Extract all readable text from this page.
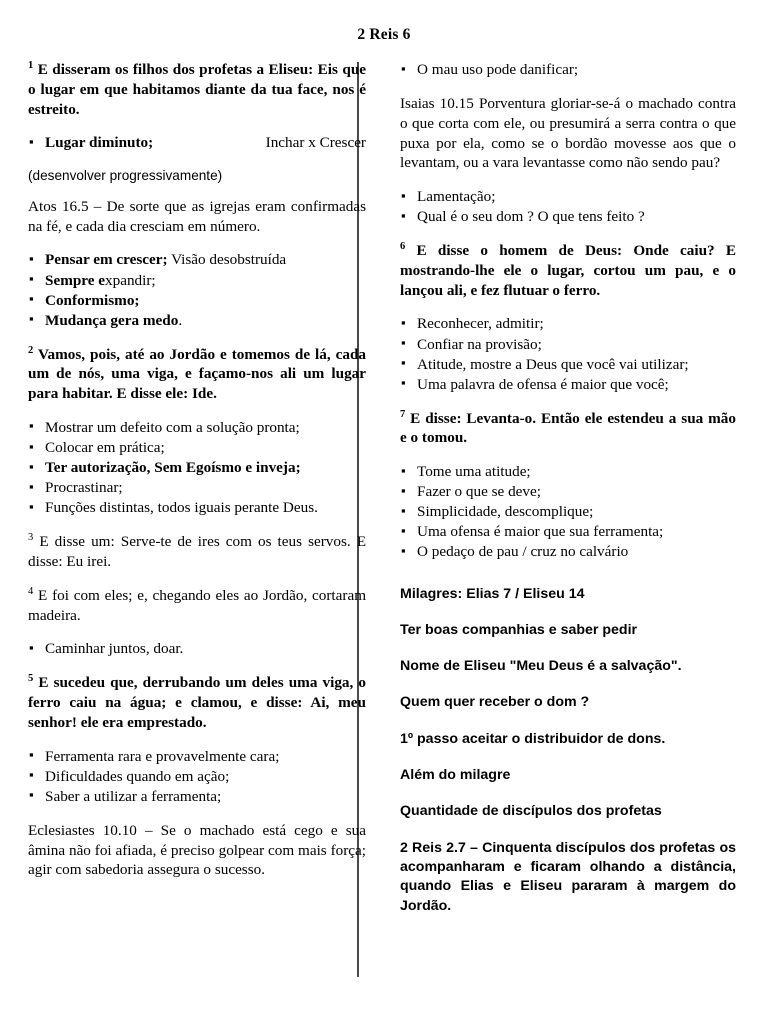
2 Reis 6

$^1$ E disseram os filhos dos profetas a Eliseu: Eis que o lugar em que habitamos diante da tua face, nos é estreito.

▪ Lugar diminuto;	Inchar x Crescer

(desenvolver progressivamente)

Atos 16.5 – De sorte que as igrejas eram confirmadas na fé, e cada dia cresciam em número.

▪ Pensar em crescer; Visão desobstruída
▪ Sempre expandir;
▪ Conformismo;
▪ Mudança gera medo.

$^2$ Vamos, pois, até ao Jordão e tomemos de lá, cada um de nós, uma viga, e façamo-nos ali um lugar para habitar. E disse ele: Ide.

▪ Mostrar um defeito com a solução pronta;
▪ Colocar em prática;
▪ Ter autorização, Sem Egoísmo e inveja;
▪ Procrastinar;
▪ Funções distintas, todos iguais perante Deus.

$^3$ E disse um: Serve-te de ires com os teus servos. E disse: Eu irei.

$^4$ E foi com eles; e, chegando eles ao Jordão, cortaram madeira.

▪ Caminhar juntos, doar.

$^5$ E sucedeu que, derrubando um deles uma viga, o ferro caiu na água; e clamou, e disse: Ai, meu senhor! ele era emprestado.

▪ Ferramenta rara e provavelmente cara;
▪ Dificuldades quando em ação;
▪ Saber a utilizar a ferramenta;

Eclesiastes 10.10 – Se o machado está cego e sua âmina não foi afiada, é preciso golpear com mais força; agir com sabedoria assegura o sucesso.

▪ O mau uso pode danificar;

Isaias 10.15 Porventura gloriar-se-á o machado contra o que corta com ele, ou presumirá a serra contra o que puxa por ela, como se o bordão movesse aos que o levantam, ou a vara levantasse como não sendo pau?

▪ Lamentação;
▪ Qual é o seu dom ? O que tens feito ?

$^6$ E disse o homem de Deus: Onde caiu? E mostrando-lhe ele o lugar, cortou um pau, e o lançou ali, e fez flutuar o ferro.

▪ Reconhecer, admitir;
▪ Confiar na provisão;
▪ Atitude, mostre a Deus que você vai utilizar;
▪ Uma palavra de ofensa é maior que você;

$^7$ E disse: Levanta-o. Então ele estendeu a sua mão e o tomou.

▪ Tome uma atitude;
▪ Fazer o que se deve;
▪ Simplicidade, descomplique;
▪ Uma ofensa é maior que sua ferramenta;
▪ O pedaço de pau / cruz no calvário

Milagres: Elias 7 / Eliseu 14

Ter boas companhias e saber pedir

Nome de Eliseu "Meu Deus é a salvação".

Quem quer receber o dom ?

1º passo aceitar o distribuidor de dons.

Além do milagre

Quantidade de discípulos dos profetas

2 Reis 2.7 – Cinquenta discípulos dos profetas os acompanharam e ficaram olhando a distância, quando Elias e Eliseu pararam à margem do Jordão.
